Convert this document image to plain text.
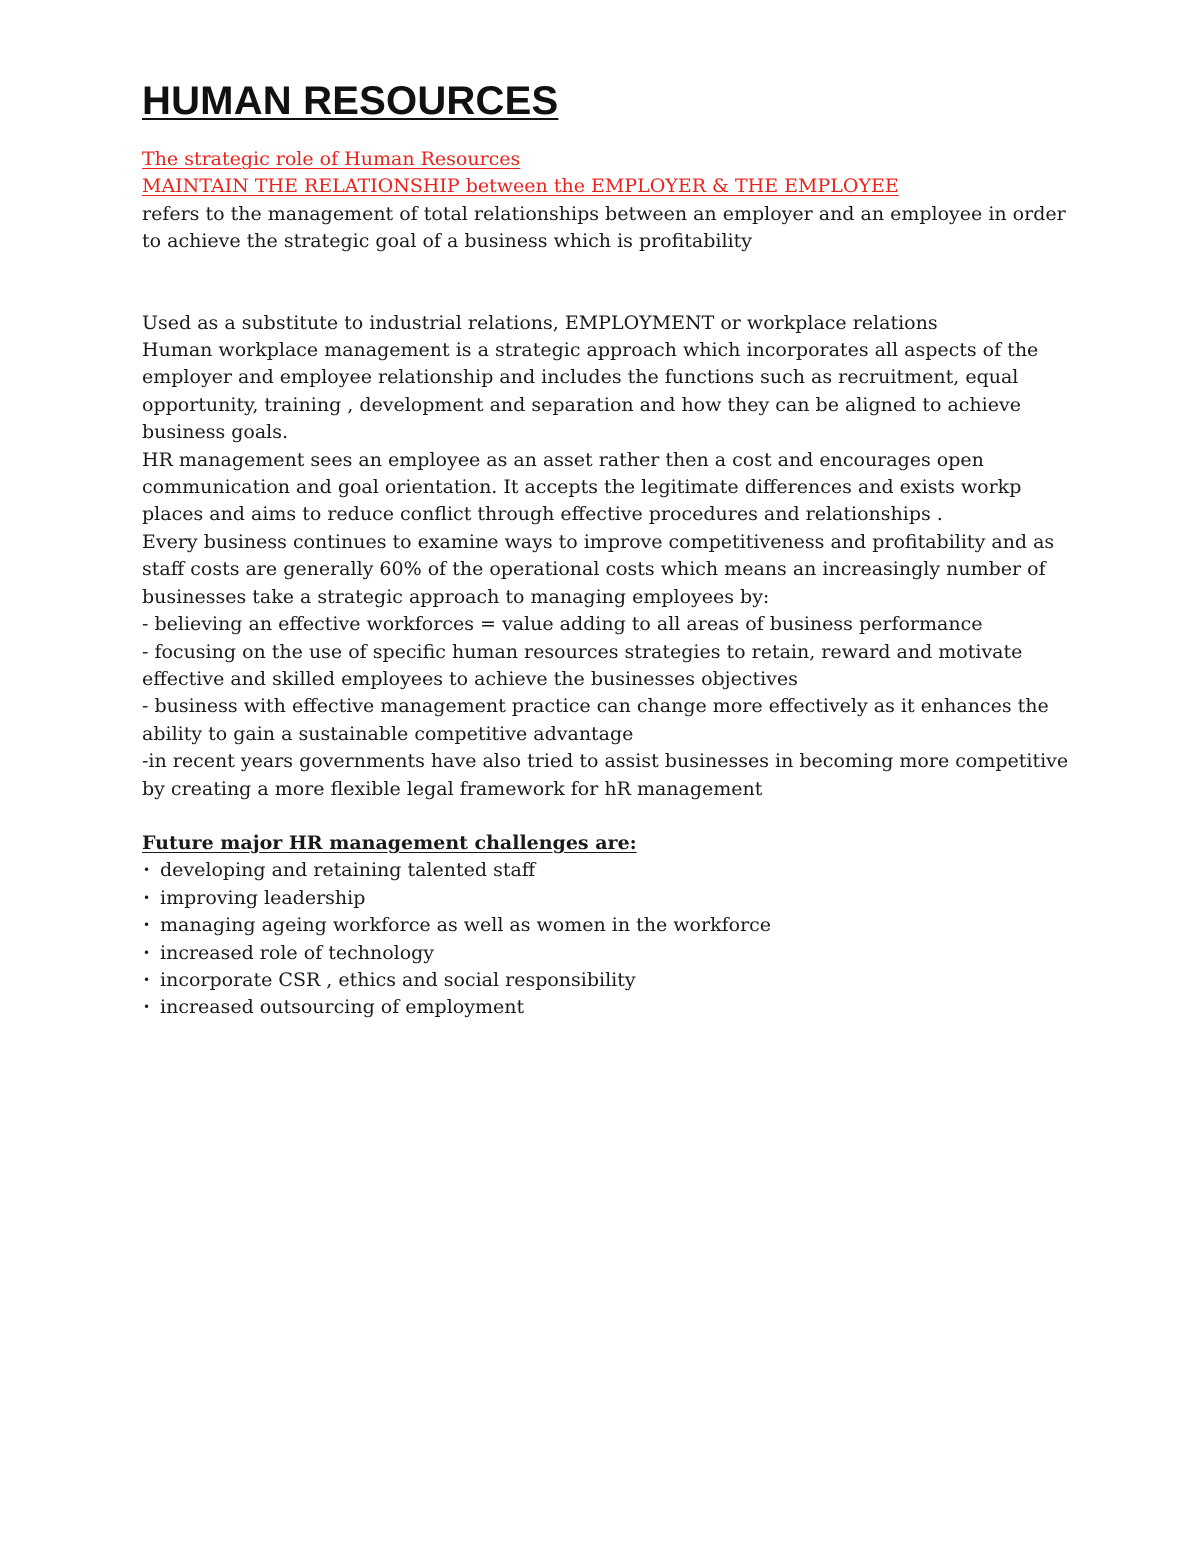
HUMAN RESOURCES
The strategic role of Human Resources
MAINTAIN THE RELATIONSHIP between the EMPLOYER & THE EMPLOYEE

refers to the management of total relationships between an employer and an employee in order to achieve the strategic goal of a business which is profitability

Used as a substitute to industrial relations, EMPLOYMENT or workplace relations

Human workplace management is a strategic approach which incorporates all aspects of the employer and employee relationship and includes the functions such as recruitment, equal opportunity, training , development and separation and how they can be aligned to achieve business goals.

HR management sees an employee as an asset rather then a cost and encourages open communication and goal orientation. It accepts the legitimate differences and exists workp places and aims to reduce conflict through effective procedures and relationships .

Every business continues to examine ways to improve competitiveness and profitability and as staff costs are generally 60% of the operational costs which means an increasingly number of businesses take a strategic approach to managing employees by:

- believing an effective workforces = value adding to all areas of business performance

- focusing on the use of specific human resources strategies to retain, reward and motivate effective and skilled employees to achieve the businesses objectives

- business with effective management practice can change more effectively as it enhances the ability to gain a sustainable competitive advantage

-in recent years governments have also tried to assist businesses in becoming more competitive by creating a more flexible legal framework for hR management

Future major HR management challenges are:

• developing and retaining talented staff
• improving leadership
• managing ageing workforce as well as women in the workforce
• increased role of technology
• incorporate CSR , ethics and social responsibility
• increased outsourcing of employment
